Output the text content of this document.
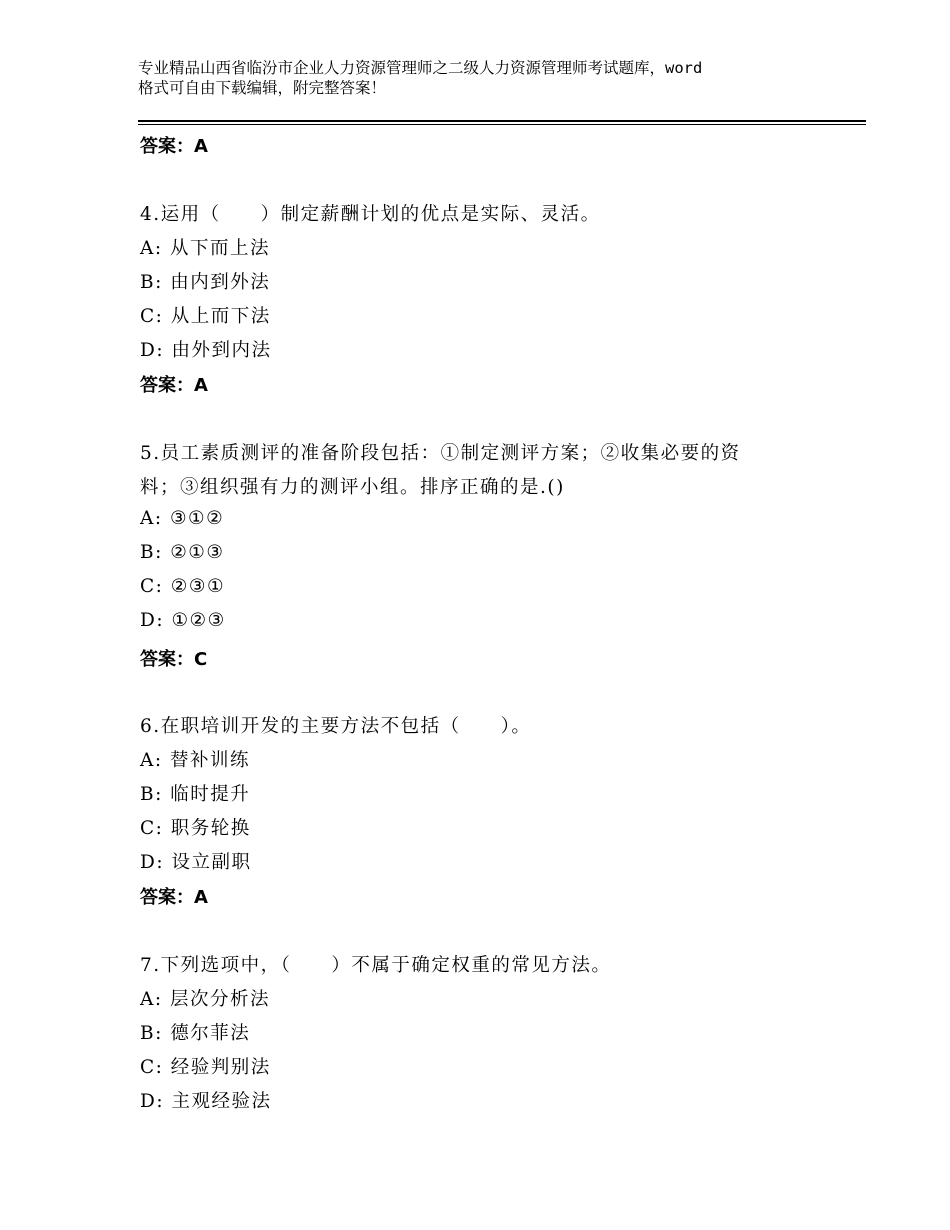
专业精品山西省临汾市企业人力资源管理师之二级人力资源管理师考试题库，word
格式可自由下载编辑，附完整答案！
答案：A
4.运用（　　）制定薪酬计划的优点是实际、灵活。
A: 从下而上法
B: 由内到外法
C: 从上而下法
D: 由外到内法
答案：A
5.员工素质测评的准备阶段包括：①制定测评方案；②收集必要的资
料；③组织强有力的测评小组。排序正确的是.()
A: ③①②
B: ②①③
C: ②③①
D: ①②③
答案：C
6.在职培训开发的主要方法不包括（　　）。
A: 替补训练
B: 临时提升
C: 职务轮换
D: 设立副职
答案：A
7.下列选项中，（　　）不属于确定权重的常见方法。
A: 层次分析法
B: 德尔菲法
C: 经验判别法
D: 主观经验法
